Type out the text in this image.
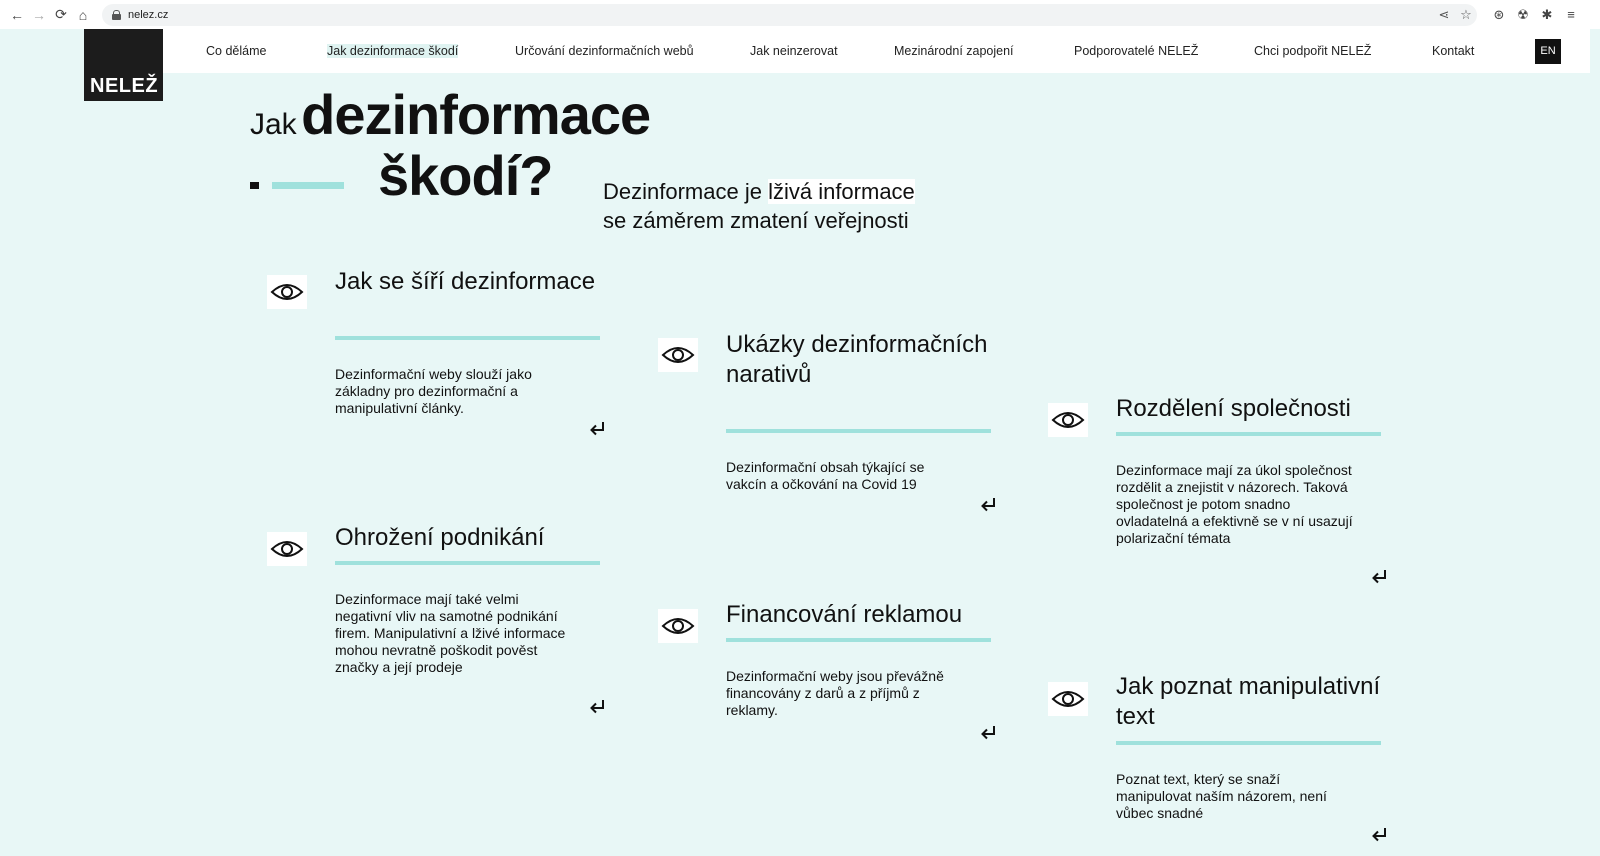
← → ⟳ ⌂	nelez.cz	⋖ ☆	⊛ ☢ ✱	≡
NELEŽ
Co děláme	Jak dezinformace škodí	Určování dezinformačních webů	Jak neinzerovat	Mezinárodní zapojení	Podporovatelé NELEŽ	Chci podpořit NELEŽ	Kontakt	EN
Jak dezinformace
škodí? Dezinformace je lživá informace
se záměrem zmatení veřejnosti
Jak se šíří dezinformace
Dezinformační weby slouží jako základny pro dezinformační a manipulativní články.
Ukázky dezinformačních narativů
Dezinformační obsah týkající se vakcín a očkování na Covid 19
Rozdělení společnosti
Dezinformace mají za úkol společnost rozdělit a znejistit v názorech. Taková společnost je potom snadno ovladatelná a efektivně se v ní usazují polarizační témata
Ohrožení podnikání
Dezinformace mají také velmi negativní vliv na samotné podnikání firem. Manipulativní a lživé informace mohou nevratně poškodit pověst značky a její prodeje
Financování reklamou
Dezinformační weby jsou převážně financovány z darů a z příjmů z reklamy.
Jak poznat manipulativní text
Poznat text, který se snaží manipulovat naším názorem, není vůbec snadné
